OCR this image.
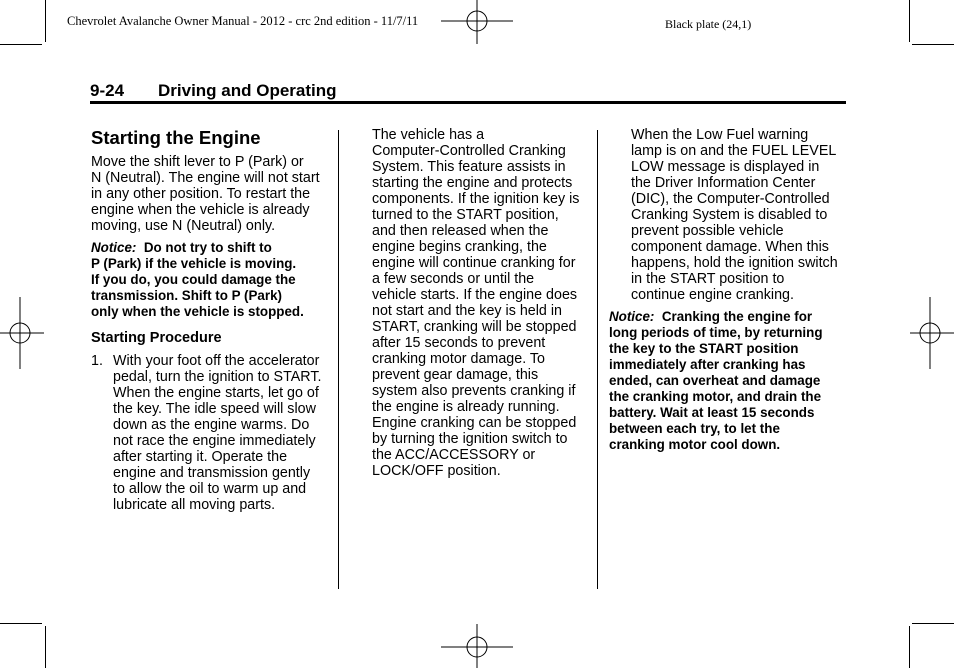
Chevrolet Avalanche Owner Manual - 2012 - crc 2nd edition - 11/7/11	Black plate (24,1)
9-24 Driving and Operating
Starting the Engine

Move the shift lever to P (Park) or

N (Neutral). The engine will not start

in any other position. To restart the

engine when the vehicle is already

moving, use N (Neutral) only.

Notice: Do not try to shift to
P (Park) if the vehicle is moving.
If you do, you could damage the
transmission. Shift to P (Park)
only when the vehicle is stopped.
Starting Procedure
1. With your foot off the accelerator

pedal, turn the ignition to START.

When the engine starts, let go of

the key. The idle speed will slow

down as the engine warms. Do

not race the engine immediately

after starting it. Operate the

engine and transmission gently

to allow the oil to warm up and

lubricate all moving parts.

The vehicle has a

Computer-Controlled Cranking

System. This feature assists in

starting the engine and protects

components. If the ignition key is

turned to the START position,

and then released when the

engine begins cranking, the

engine will continue cranking for

a few seconds or until the

vehicle starts. If the engine does

not start and the key is held in

START, cranking will be stopped

after 15 seconds to prevent

cranking motor damage. To

prevent gear damage, this

system also prevents cranking if

the engine is already running.

Engine cranking can be stopped

by turning the ignition switch to

the ACC/ACCESSORY or

LOCK/OFF position.

When the Low Fuel warning

lamp is on and the FUEL LEVEL

LOW message is displayed in

the Driver Information Center

(DIC), the Computer-Controlled

Cranking System is disabled to

prevent possible vehicle

component damage. When this

happens, hold the ignition switch

in the START position to

continue engine cranking.

Notice: Cranking the engine for
long periods of time, by returning
the key to the START position
immediately after cranking has
ended, can overheat and damage
the cranking motor, and drain the
battery. Wait at least 15 seconds
between each try, to let the
cranking motor cool down.
